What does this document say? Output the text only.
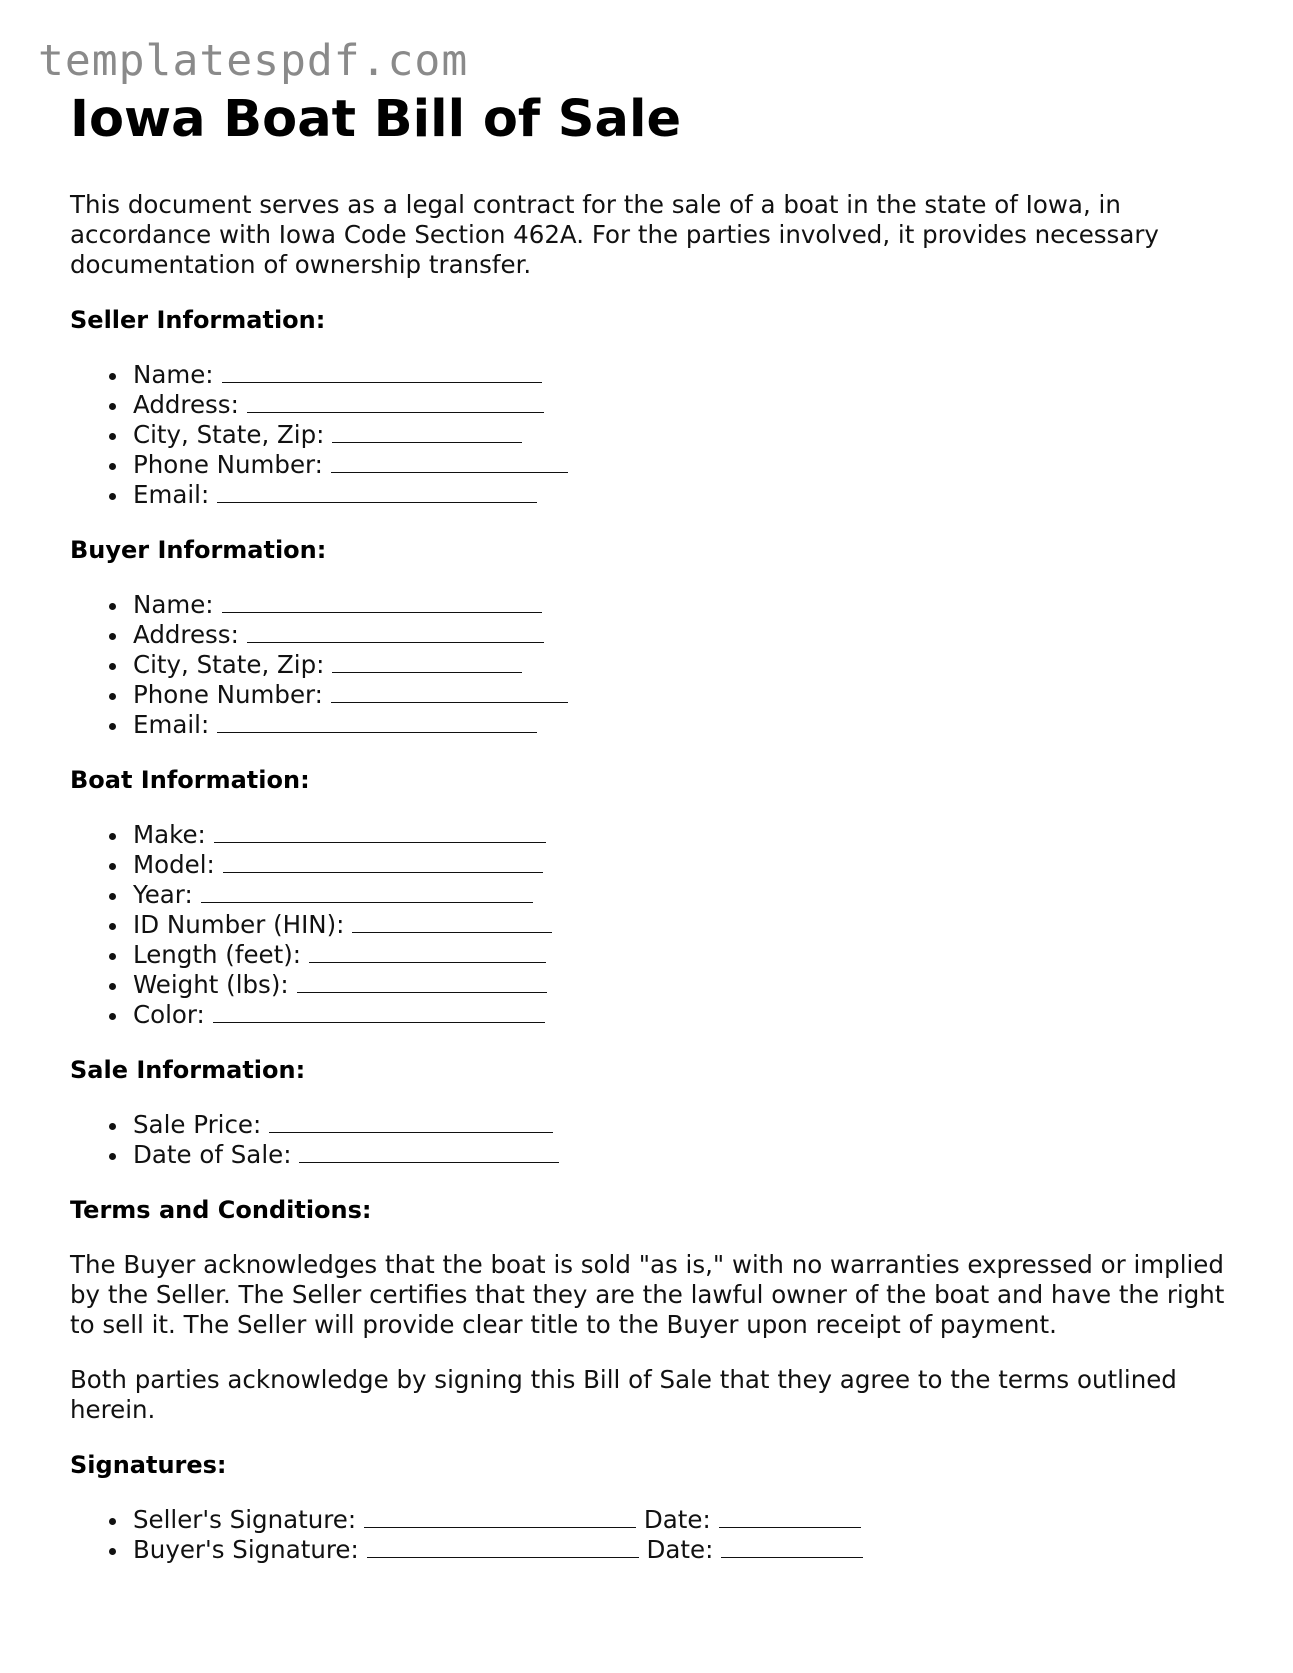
templatespdf.com
Iowa Boat Bill of Sale

This document serves as a legal contract for the sale of a boat in the state of Iowa, in accordance with Iowa Code Section 462A. For the parties involved, it provides necessary documentation of ownership transfer.

Seller Information:
Name:
Address:
City, State, Zip:
Phone Number:
Email:
Buyer Information:
Name:
Address:
City, State, Zip:
Phone Number:
Email:
Boat Information:
Make:
Model:
Year:
ID Number (HIN):
Length (feet):
Weight (lbs):
Color:
Sale Information:
Sale Price:
Date of Sale:
Terms and Conditions:

The Buyer acknowledges that the boat is sold "as is," with no warranties expressed or implied by the Seller. The Seller certifies that they are the lawful owner of the boat and have the right to sell it. The Seller will provide clear title to the Buyer upon receipt of payment.

Both parties acknowledge by signing this Bill of Sale that they agree to the terms outlined herein.

Signatures:
Seller's Signature:	Date:
Buyer's Signature:	Date:
